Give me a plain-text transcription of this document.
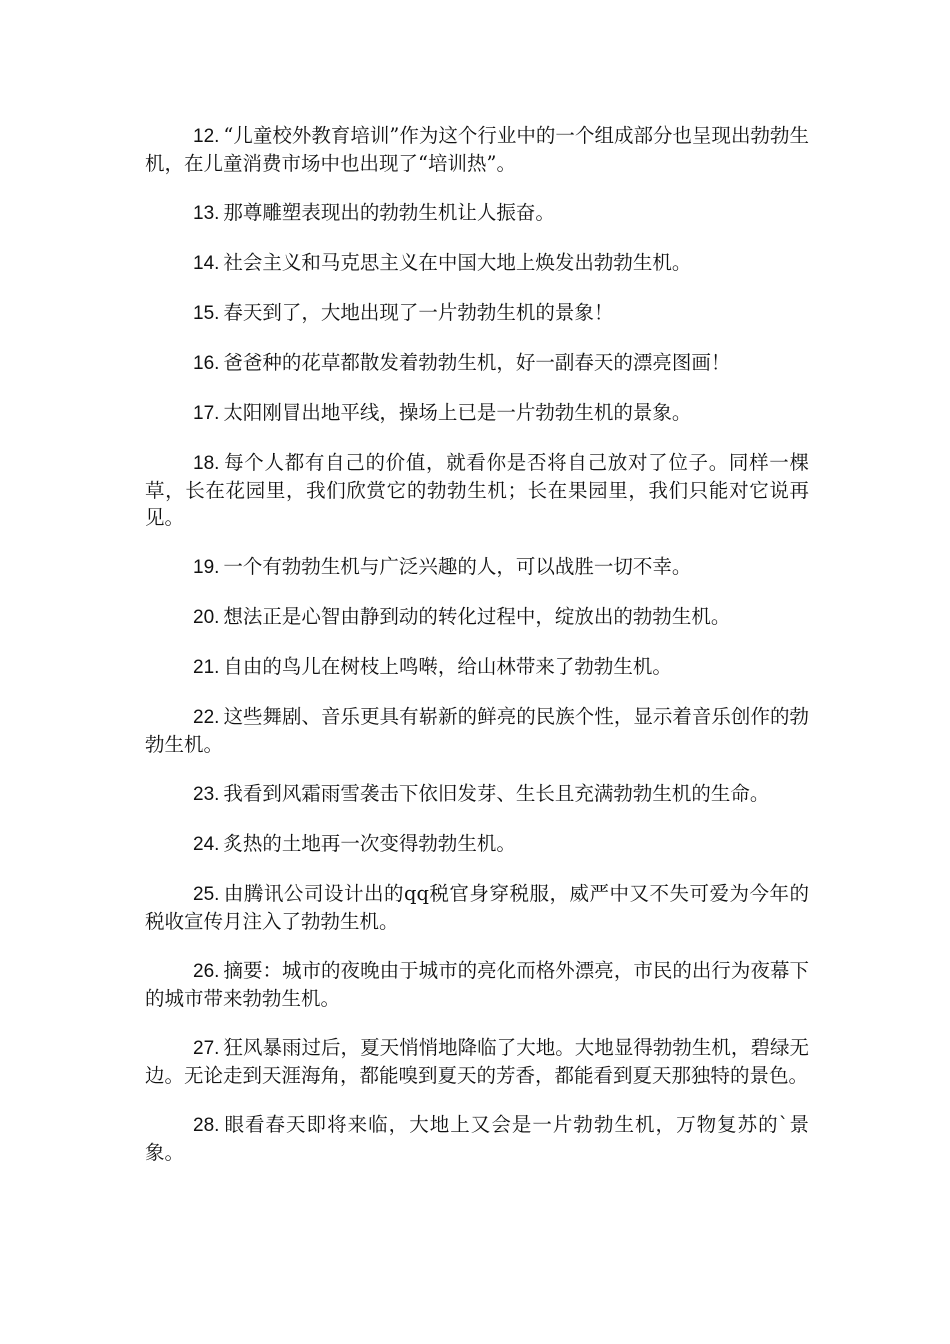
12. “儿童校外教育培训”作为这个行业中的一个组成部分也呈现出勃勃生机，在儿童消费市场中也出现了“培训热”。

13. 那尊雕塑表现出的勃勃生机让人振奋。

14. 社会主义和马克思主义在中国大地上焕发出勃勃生机。

15. 春天到了，大地出现了一片勃勃生机的景象！

16. 爸爸种的花草都散发着勃勃生机，好一副春天的漂亮图画！

17. 太阳刚冒出地平线，操场上已是一片勃勃生机的景象。

18. 每个人都有自己的价值，就看你是否将自己放对了位子。同样一棵草，长在花园里，我们欣赏它的勃勃生机；长在果园里，我们只能对它说再见。

19. 一个有勃勃生机与广泛兴趣的人，可以战胜一切不幸。

20. 想法正是心智由静到动的转化过程中，绽放出的勃勃生机。

21. 自由的鸟儿在树枝上鸣啭，给山林带来了勃勃生机。

22. 这些舞剧、音乐更具有崭新的鲜亮的民族个性，显示着音乐创作的勃勃生机。

23. 我看到风霜雨雪袭击下依旧发芽、生长且充满勃勃生机的生命。

24. 炙热的土地再一次变得勃勃生机。

25. 由腾讯公司设计出的qq税官身穿税服，威严中又不失可爱为今年的税收宣传月注入了勃勃生机。

26. 摘要：城市的夜晚由于城市的亮化而格外漂亮，市民的出行为夜幕下的城市带来勃勃生机。

27. 狂风暴雨过后，夏天悄悄地降临了大地。大地显得勃勃生机，碧绿无边。无论走到天涯海角，都能嗅到夏天的芳香，都能看到夏天那独特的景色。

28. 眼看春天即将来临，大地上又会是一片勃勃生机，万物复苏的`景象。
